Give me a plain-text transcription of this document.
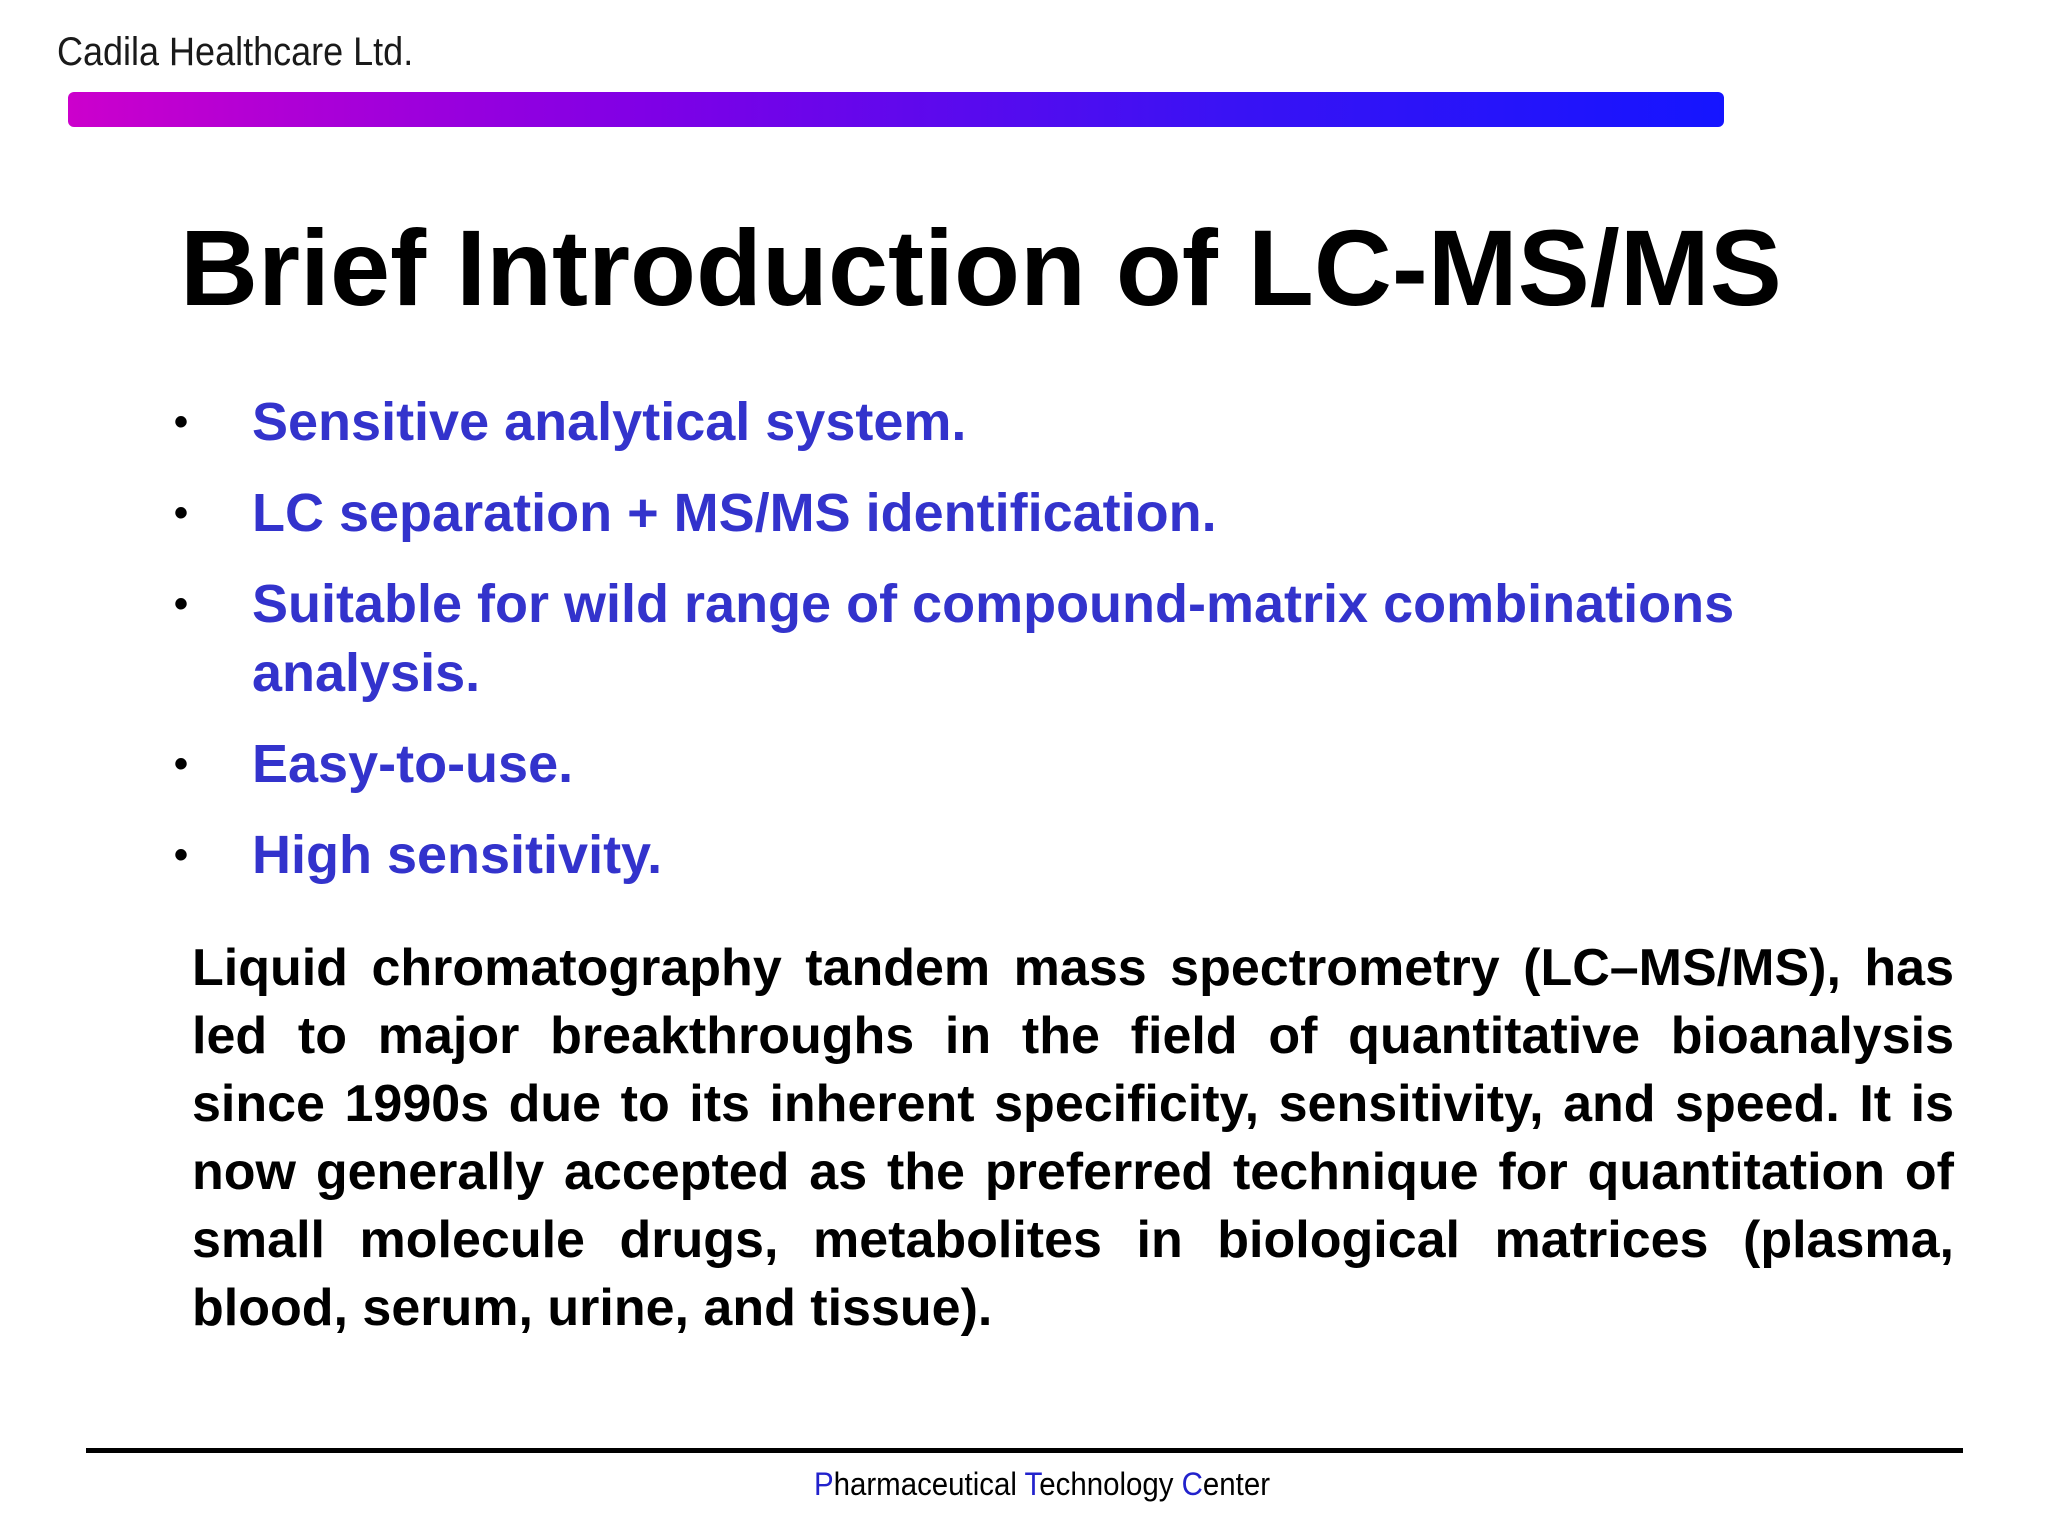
Cadila Healthcare Ltd.
Brief Introduction of LC-MS/MS
•	Sensitive analytical system.
•	LC separation + MS/MS identification.
•	Suitable for wild range of compound-matrix combinations analysis.
•	Easy-to-use.
•	High sensitivity.

Liquid chromatography tandem mass spectrometry (LC–MS/MS), has led to major breakthroughs in the field of quantitative bioanalysis since 1990s due to its inherent specificity, sensitivity, and speed. It is now generally accepted as the preferred technique for quantitation of small molecule drugs, metabolites in biological matrices (plasma, blood, serum, urine, and tissue).

Pharmaceutical Technology Center
